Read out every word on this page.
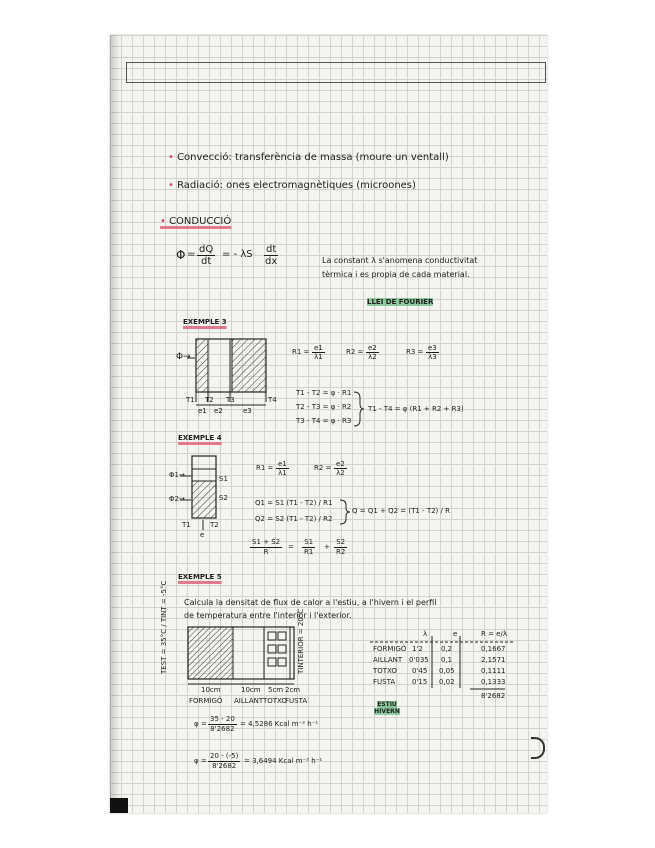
• Convecció: transferència de massa (moure un ventall)
• Radiació: ones electromagnètiques (microones)
• CONDUCCIÓ
$\Phi = \frac{dQ}{dt}$ = - λS $\frac{dt}{dx}$	La constant λ s'anomena conductivitat
tèrmica i es propia de cada material.
LLEI DE FOURIER
EXEMPLE 3
Φ→
T1 T2 T3	T4
e1 e2	e3
$R1 = \frac{e1}{\lambda 1}$	$R2 = \frac{e2}{\lambda 2}$	$R3 = \frac{e3}{\lambda 3}$
T1 - T2 = φ · R1
T2 - T3 = φ · R2
T3 - T4 = φ · R3
T1 - T4 = φ (R1 + R2 + R3)
EXEMPLE 4
Φ1→
Φ2→
S1
S2
T1	T2
e
$R1 = \frac{e1}{\lambda 1}$	$R2 = \frac{e2}{\lambda 2}$
Q1 = S1 (T1 - T2) / R1
Q2 = S2 (T1 - T2) / R2
Q = Q1 + Q2 = (T1 - T2) / R
$\frac{S1 + S2}{R} = \frac{S1}{R1} + \frac{S2}{R2}$
EXEMPLE 5
Calcula la densitat de flux de calor a l'estiu, a l'hivern i el perfil
de temperatura entre l'interior i l'exterior.
TEST = 35°C / TINT = -5°C	TINTERIOR = 20°C
10cm	10cm 5cm 2cm
FORMIGÓ AILLANT TOTXO
FUSTA
λ	e	R = e/λ
FORMIGÓ 1'2	0,2	0,1667
AILLANT 0'035 0,1	2,1571
TOTXO 0'45 0,05	0,1111
FUSTA 0'15 0,02	0,1333
8'2682
ESTIU HIVERN
$\varphi = \frac{35 - 20}{8'2682} = 4,5286$ Kcal m⁻² h⁻¹
$\varphi = \frac{20 - (-5)}{8'2682} = 3,6494$ Kcal m⁻² h⁻¹
